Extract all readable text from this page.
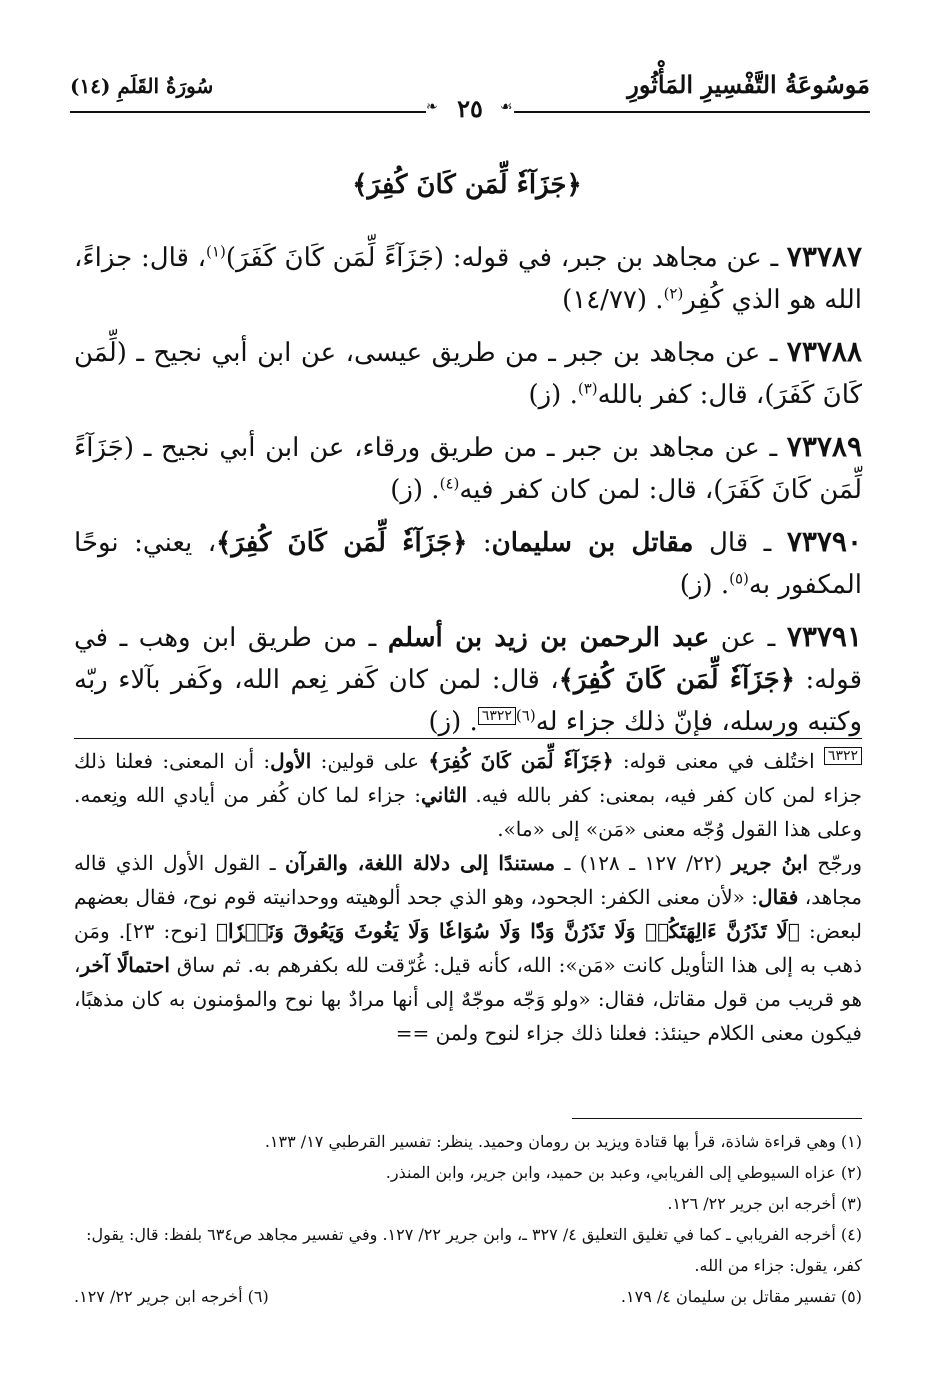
مَوسُوعَةُ التَّفْسِيرِ المَأْثُورِ
سُورَةُ القَلَمِ (١٤)
❧ ٢٥	☙
﴿جَزَآءٗ لِّمَن كَانَ كُفِرَ﴾

٧٣٧٨٧ ـ عن مجاهد بن جبر، في قوله: (جَزَآءً لِّمَن كَانَ كَفَرَ)$^{(١)}$، قال: جزاءً، الله هو الذي كُفِر$^{(٢)}$. (١٤/٧٧)

٧٣٧٨٨ ـ عن مجاهد بن جبر ـ من طريق عيسى، عن ابن أبي نجيح ـ (لِّمَن كَانَ كَفَرَ)، قال: كفر بالله$^{(٣)}$. (ز)

٧٣٧٨٩ ـ عن مجاهد بن جبر ـ من طريق ورقاء، عن ابن أبي نجيح ـ (جَزَآءً لِّمَن كَانَ كَفَرَ)، قال: لمن كان كفر فيه$^{(٤)}$. (ز)

٧٣٧٩٠ ـ قال مقاتل بن سليمان: ﴿جَزَآءٗ لِّمَن كَانَ كُفِرَ﴾، يعني: نوحًا المكفور به$^{(٥)}$. (ز)

٧٣٧٩١ ـ عن عبد الرحمن بن زيد بن أسلم ـ من طريق ابن وهب ـ في قوله: ﴿جَزَآءٗ لِّمَن كَانَ كُفِرَ﴾، قال: لمن كان كَفر نِعم الله، وكَفر بآلاء ربّه وكتبه ورسله، فإنّ ذلك جزاء له$^{(٦)}$٦٣٢٢. (ز)

٦٣٢٢ اختُلف في معنى قوله: ﴿جَزَآءٗ لِّمَن كَانَ كُفِرَ﴾ على قولين: الأول: أن المعنى: فعلنا ذلك جزاء لمن كان كفر فيه، بمعنى: كفر بالله فيه. الثاني: جزاء لما كان كُفر من أيادي الله ونِعمه. وعلى هذا القول وُجّه معنى «مَن» إلى «ما».

ورجّح ابنُ جرير (٢٢/ ١٢٧ ـ ١٢٨) ـ مستندًا إلى دلالة اللغة، والقرآن ـ القول الأول الذي قاله مجاهد، فقال: «لأن معنى الكفر: الجحود، وهو الذي جحد ألوهيته ووحدانيته قوم نوح، فقال بعضهم لبعض: ﴿لَا تَذَرُنَّ ءَالِهَتَكُمۡ وَلَا تَذَرُنَّ وَدّٗا وَلَا سُوَاعٗا وَلَا يَغُوثَ وَيَعُوقَ وَنَسۡرٗا﴾ [نوح: ٢٣]. ومَن ذهب به إلى هذا التأويل كانت «مَن»: الله، كأنه قيل: غُرّقت لله بكفرهم به. ثم ساق احتمالًا آخر، هو قريب من قول مقاتل، فقال: «ولو وَجّه موجّهٌ إلى أنها مرادٌ بها نوح والمؤمنون به كان مذهبًا، فيكون معنى الكلام حينئذ: فعلنا ذلك جزاء لنوح ولمن ==

(١) وهي قراءة شاذة، قرأ بها قتادة ويزيد بن رومان وحميد. ينظر: تفسير القرطبي ١٧/ ١٣٣.

(٢) عزاه السيوطي إلى الفريابي، وعبد بن حميد، وابن جرير، وابن المنذر.

(٣) أخرجه ابن جرير ٢٢/ ١٢٦.

(٤) أخرجه الفريابي ـ كما في تغليق التعليق ٤/ ٣٢٧ ـ، وابن جرير ٢٢/ ١٢٧. وفي تفسير مجاهد ص٦٣٤ بلفظ: قال: يقول: كفر، يقول: جزاء من الله.

(٥) تفسير مقاتل بن سليمان ٤/ ١٧٩.
(٦) أخرجه ابن جرير ٢٢/ ١٢٧.
